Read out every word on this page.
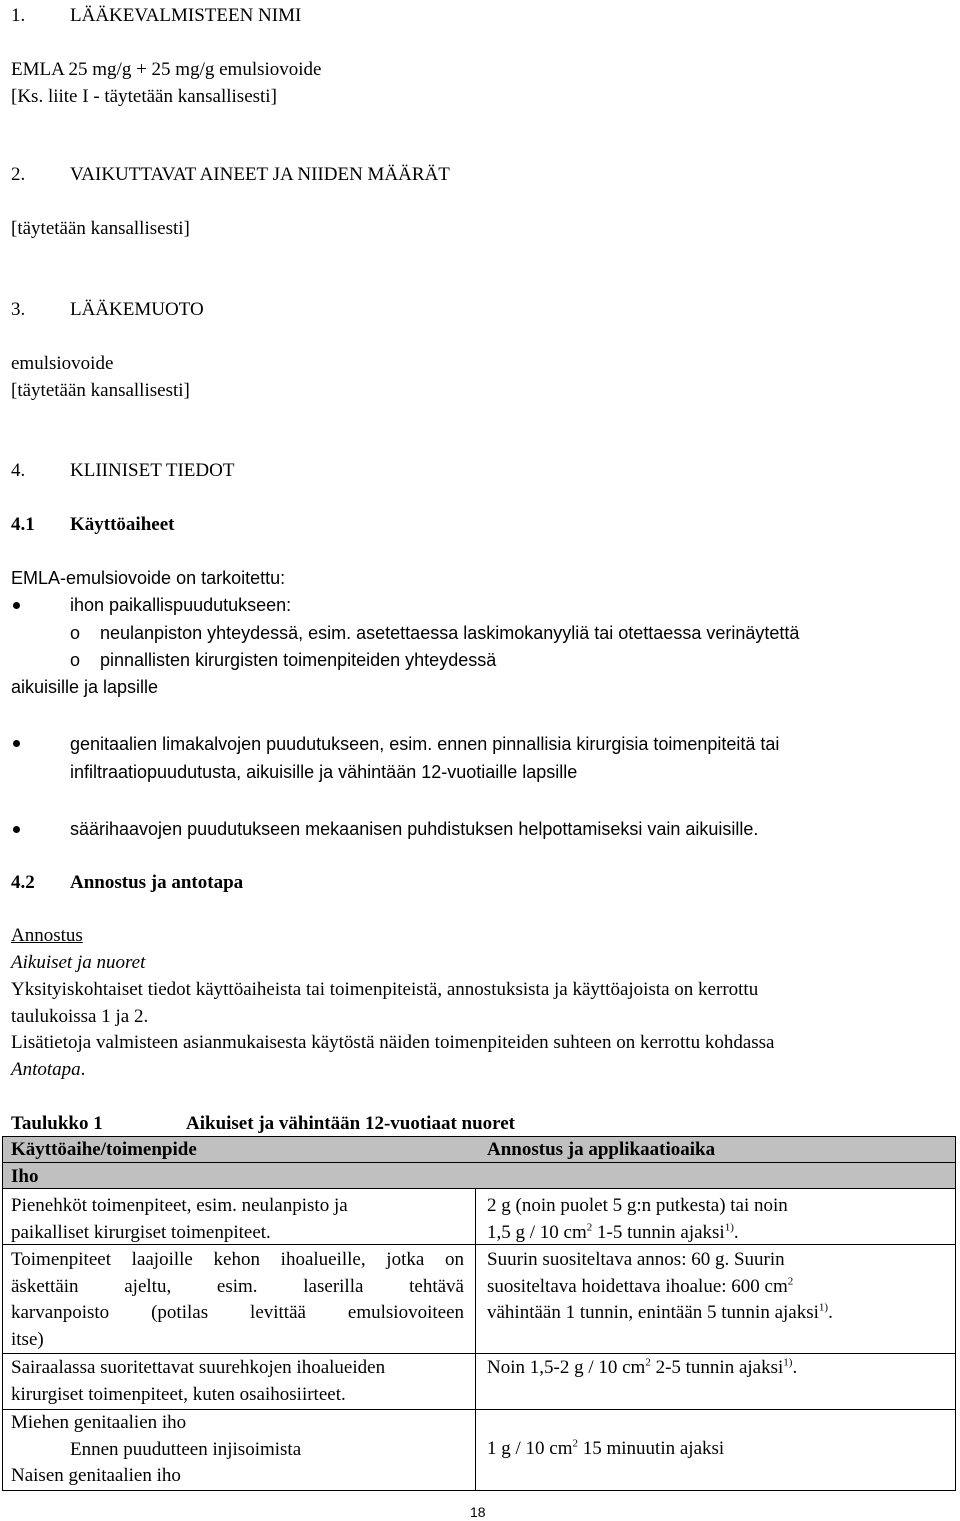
1. LÄÄKEVALMISTEEN NIMI
EMLA 25 mg/g + 25 mg/g emulsiovoide
[Ks. liite I - täytetään kansallisesti]
2. VAIKUTTAVAT AINEET JA NIIDEN MÄÄRÄT
[täytetään kansallisesti]
3. LÄÄKEMUOTO
emulsiovoide
[täytetään kansallisesti]
4. KLIINISET TIEDOT
4.1 Käyttöaiheet
EMLA-emulsiovoide on tarkoitettu:
ihon paikallispuudutukseen:
o neulanpiston yhteydessä, esim. asetettaessa laskimokanyyliä tai otettaessa verinäytettä
o pinnallisten kirurgisten toimenpiteiden yhteydessä
aikuisille ja lapsille
genitaalien limakalvojen puudutukseen, esim. ennen pinnallisia kirurgisia toimenpiteitä tai
infiltraatiopuudutusta, aikuisille ja vähintään 12-vuotiaille lapsille
säärihaavojen puudutukseen mekaanisen puhdistuksen helpottamiseksi vain aikuisille.
4.2 Annostus ja antotapa
Annostus
Aikuiset ja nuoret
Yksityiskohtaiset tiedot käyttöaiheista tai toimenpiteistä, annostuksista ja käyttöajoista on kerrottu
taulukoissa 1 ja 2.
Lisätietoja valmisteen asianmukaisesta käytöstä näiden toimenpiteiden suhteen on kerrottu kohdassa
Antotapa.
Taulukko 1	Aikuiset ja vähintään 12-vuotiaat nuoret
Käyttöaihe/toimenpide	Annostus ja applikaatioaika
Iho
Pienehköt toimenpiteet, esim. neulanpisto ja
paikalliset kirurgiset toimenpiteet.
2 g (noin puolet 5 g:n putkesta) tai noin
1,5 g / 10 $cm^2$ 1-5 tunnin ajaksi$^{1)}$.
Toimenpiteet laajoille kehon ihoalueille, jotka on
äskettäin ajeltu, esim. laserilla tehtävä
karvanpoisto (potilas levittää emulsiovoiteen
itse)
Suurin suositeltava annos: 60 g. Suurin
suositeltava hoidettava ihoalue: 600 $cm^2$
vähintään 1 tunnin, enintään 5 tunnin ajaksi$^{1)}$.
Sairaalassa suoritettavat suurehkojen ihoalueiden
kirurgiset toimenpiteet, kuten osaihosiirteet.
Noin 1,5-2 g / 10 $cm^2$ 2-5 tunnin ajaksi$^{1)}$.
Miehen genitaalien iho
Ennen puudutteen injisoimista
Naisen genitaalien iho
1 g / 10 $cm^2$ 15 minuutin ajaksi
18
